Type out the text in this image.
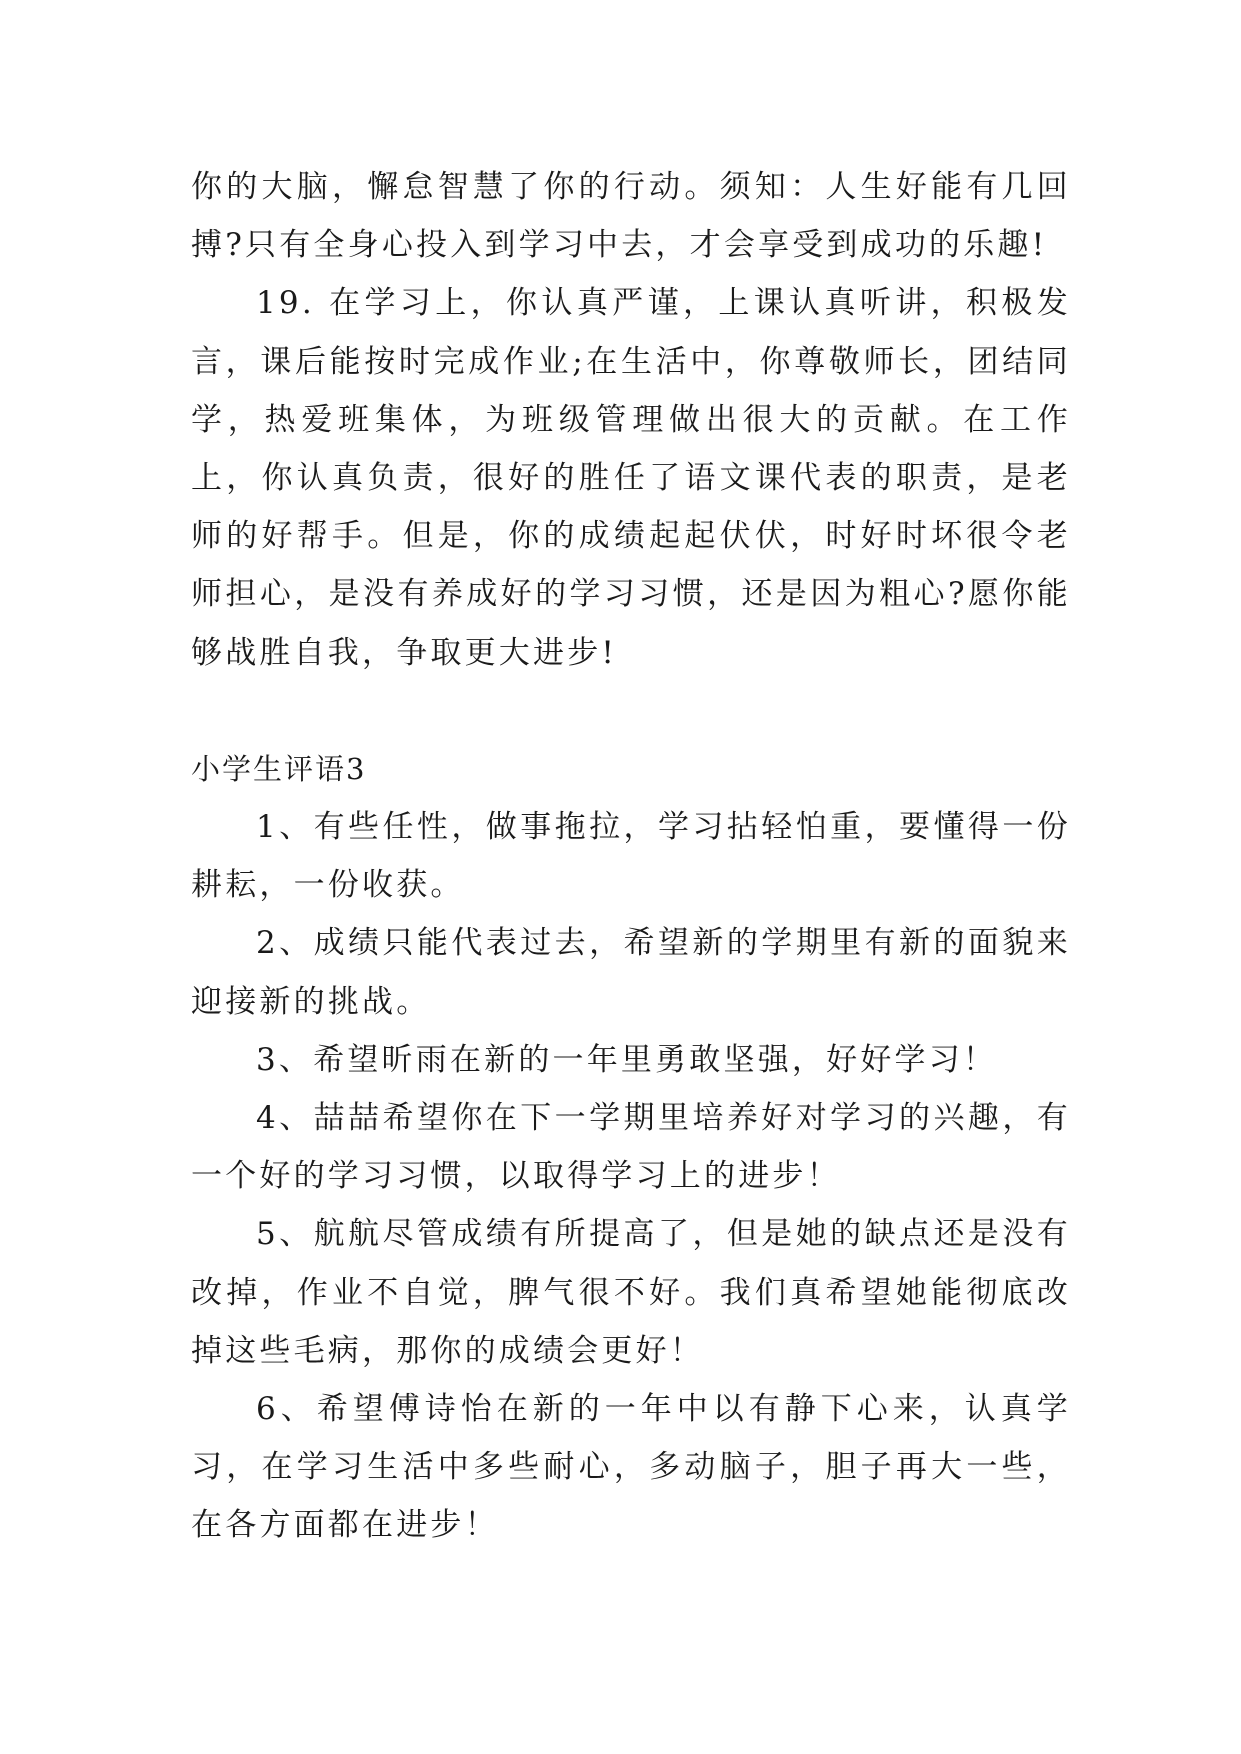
你的大脑，懈怠智慧了你的行动。须知：人生好能有几回搏?只有全身心投入到学习中去，才会享受到成功的乐趣!

19. 在学习上，你认真严谨，上课认真听讲，积极发言，课后能按时完成作业;在生活中，你尊敬师长，团结同学，热爱班集体，为班级管理做出很大的贡献。在工作上，你认真负责，很好的胜任了语文课代表的职责，是老师的好帮手。但是，你的成绩起起伏伏，时好时坏很令老师担心，是没有养成好的学习习惯，还是因为粗心?愿你能够战胜自我，争取更大进步!

小学生评语3

1、有些任性，做事拖拉，学习拈轻怕重，要懂得一份耕耘，一份收获。

2、成绩只能代表过去，希望新的学期里有新的面貌来迎接新的挑战。

3、希望昕雨在新的一年里勇敢坚强，好好学习！

4、喆喆希望你在下一学期里培养好对学习的兴趣，有一个好的学习习惯，以取得学习上的进步！

5、航航尽管成绩有所提高了，但是她的缺点还是没有改掉，作业不自觉，脾气很不好。我们真希望她能彻底改掉这些毛病，那你的成绩会更好！

6、希望傅诗怡在新的一年中以有静下心来，认真学习，在学习生活中多些耐心，多动脑子，胆子再大一些，在各方面都在进步！
